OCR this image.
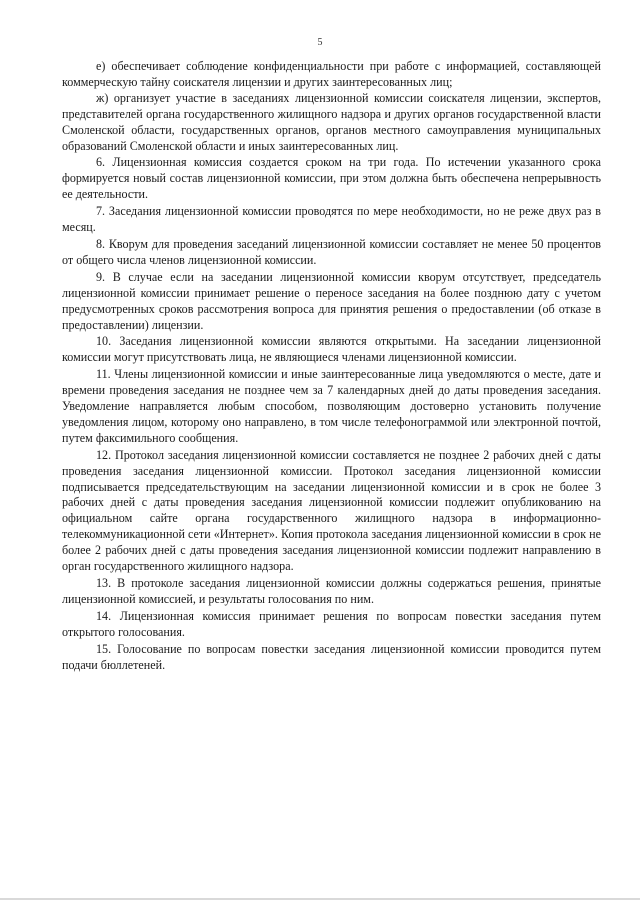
5

е) обеспечивает соблюдение конфиденциальности при работе с информацией, составляющей коммерческую тайну соискателя лицензии и других заинтересованных лиц;

ж) организует участие в заседаниях лицензионной комиссии соискателя лицензии, экспертов, представителей органа государственного жилищного надзора и других органов государственной власти Смоленской области, государственных органов, органов местного самоуправления муниципальных образований Смоленской области и иных заинтересованных лиц.

6. Лицензионная комиссия создается сроком на три года. По истечении указанного срока формируется новый состав лицензионной комиссии, при этом должна быть обеспечена непрерывность ее деятельности.

7. Заседания лицензионной комиссии проводятся по мере необходимости, но не реже двух раз в месяц.

8. Кворум для проведения заседаний лицензионной комиссии составляет не менее 50 процентов от общего числа членов лицензионной комиссии.

9. В случае если на заседании лицензионной комиссии кворум отсутствует, председатель лицензионной комиссии принимает решение о переносе заседания на более позднюю дату с учетом предусмотренных сроков рассмотрения вопроса для принятия решения о предоставлении (об отказе в предоставлении) лицензии.

10. Заседания лицензионной комиссии являются открытыми. На заседании лицензионной комиссии могут присутствовать лица, не являющиеся членами лицензионной комиссии.

11. Члены лицензионной комиссии и иные заинтересованные лица уведомляются о месте, дате и времени проведения заседания не позднее чем за 7 календарных дней до даты проведения заседания. Уведомление направляется любым способом, позволяющим достоверно установить получение уведомления лицом, которому оно направлено, в том числе телефонограммой или электронной почтой, путем факсимильного сообщения.

12. Протокол заседания лицензионной комиссии составляется не позднее 2 рабочих дней с даты проведения заседания лицензионной комиссии. Протокол заседания лицензионной комиссии подписывается председательствующим на заседании лицензионной комиссии и в срок не более 3 рабочих дней с даты проведения заседания лицензионной комиссии подлежит опубликованию на официальном сайте органа государственного жилищного надзора в информационно-телекоммуникационной сети «Интернет». Копия протокола заседания лицензионной комиссии в срок не более 2 рабочих дней с даты проведения заседания лицензионной комиссии подлежит направлению в орган государственного жилищного надзора.

13. В протоколе заседания лицензионной комиссии должны содержаться решения, принятые лицензионной комиссией, и результаты голосования по ним.

14. Лицензионная комиссия принимает решения по вопросам повестки заседания путем открытого голосования.

15. Голосование по вопросам повестки заседания лицензионной комиссии проводится путем подачи бюллетеней.
